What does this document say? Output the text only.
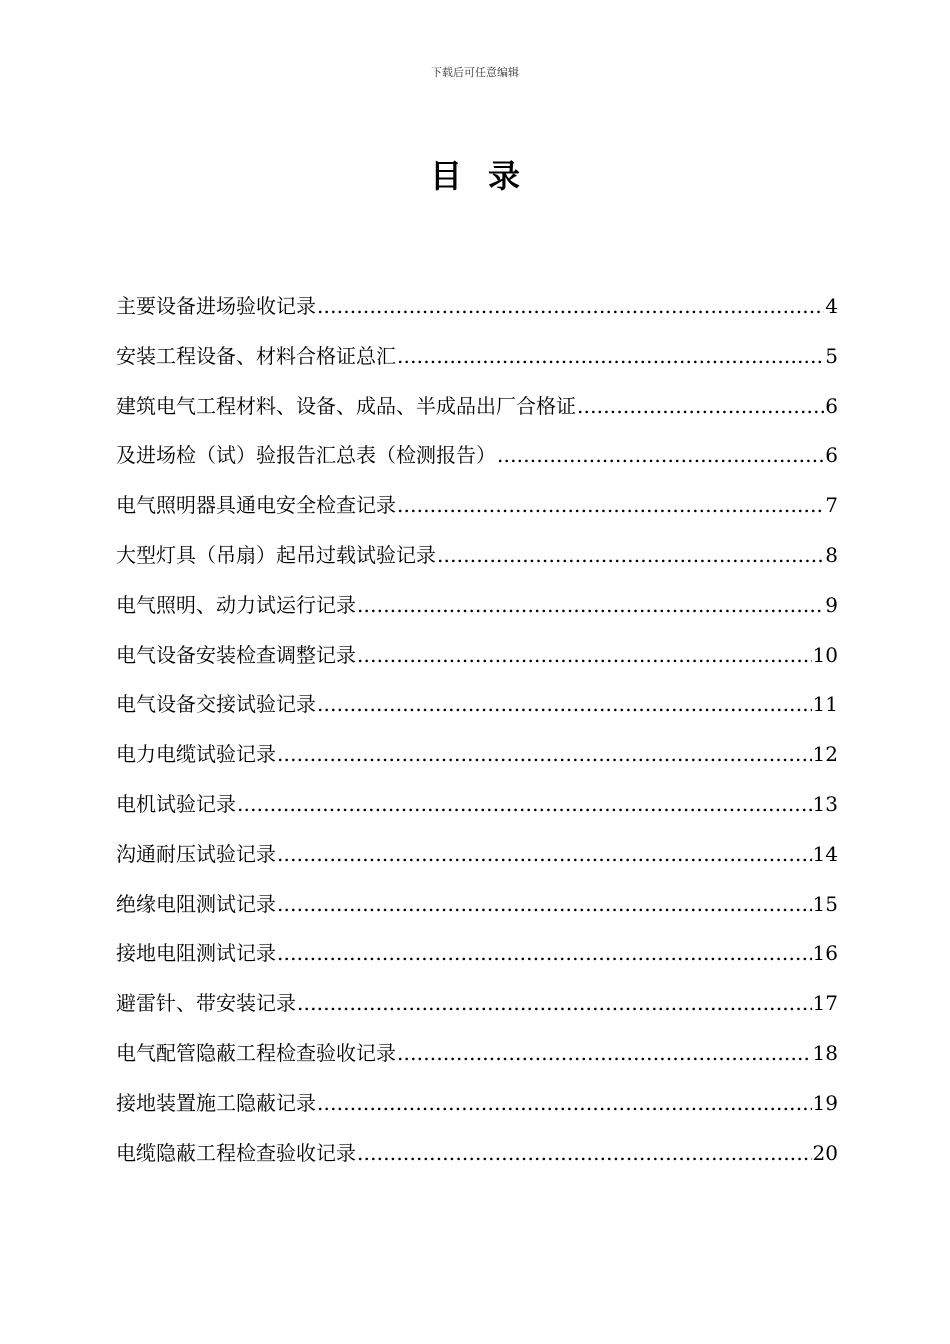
下载后可任意编辑
目录
主要设备进场验收记录 .....	4
安装工程设备、材料合格证总汇 .....	5
建筑电气工程材料、设备、成品、半成品出厂合格证 .....	6
及进场检（试）验报告汇总表（检测报告） .....	6
电气照明器具通电安全检查记录 .....	7
大型灯具（吊扇）起吊过载试验记录 .....	8
电气照明、动力试运行记录 .....	9
电气设备安装检查调整记录 .....	10
电气设备交接试验记录 .....	11
电力电缆试验记录 .....	12
电机试验记录 .....	13
沟通耐压试验记录 .....	14
绝缘电阻测试记录 .....	15
接地电阻测试记录 .....	16
避雷针、带安装记录 .....	17
电气配管隐蔽工程检查验收记录 .....	18
接地装置施工隐蔽记录 .....	19
电缆隐蔽工程检查验收记录 .....	20
